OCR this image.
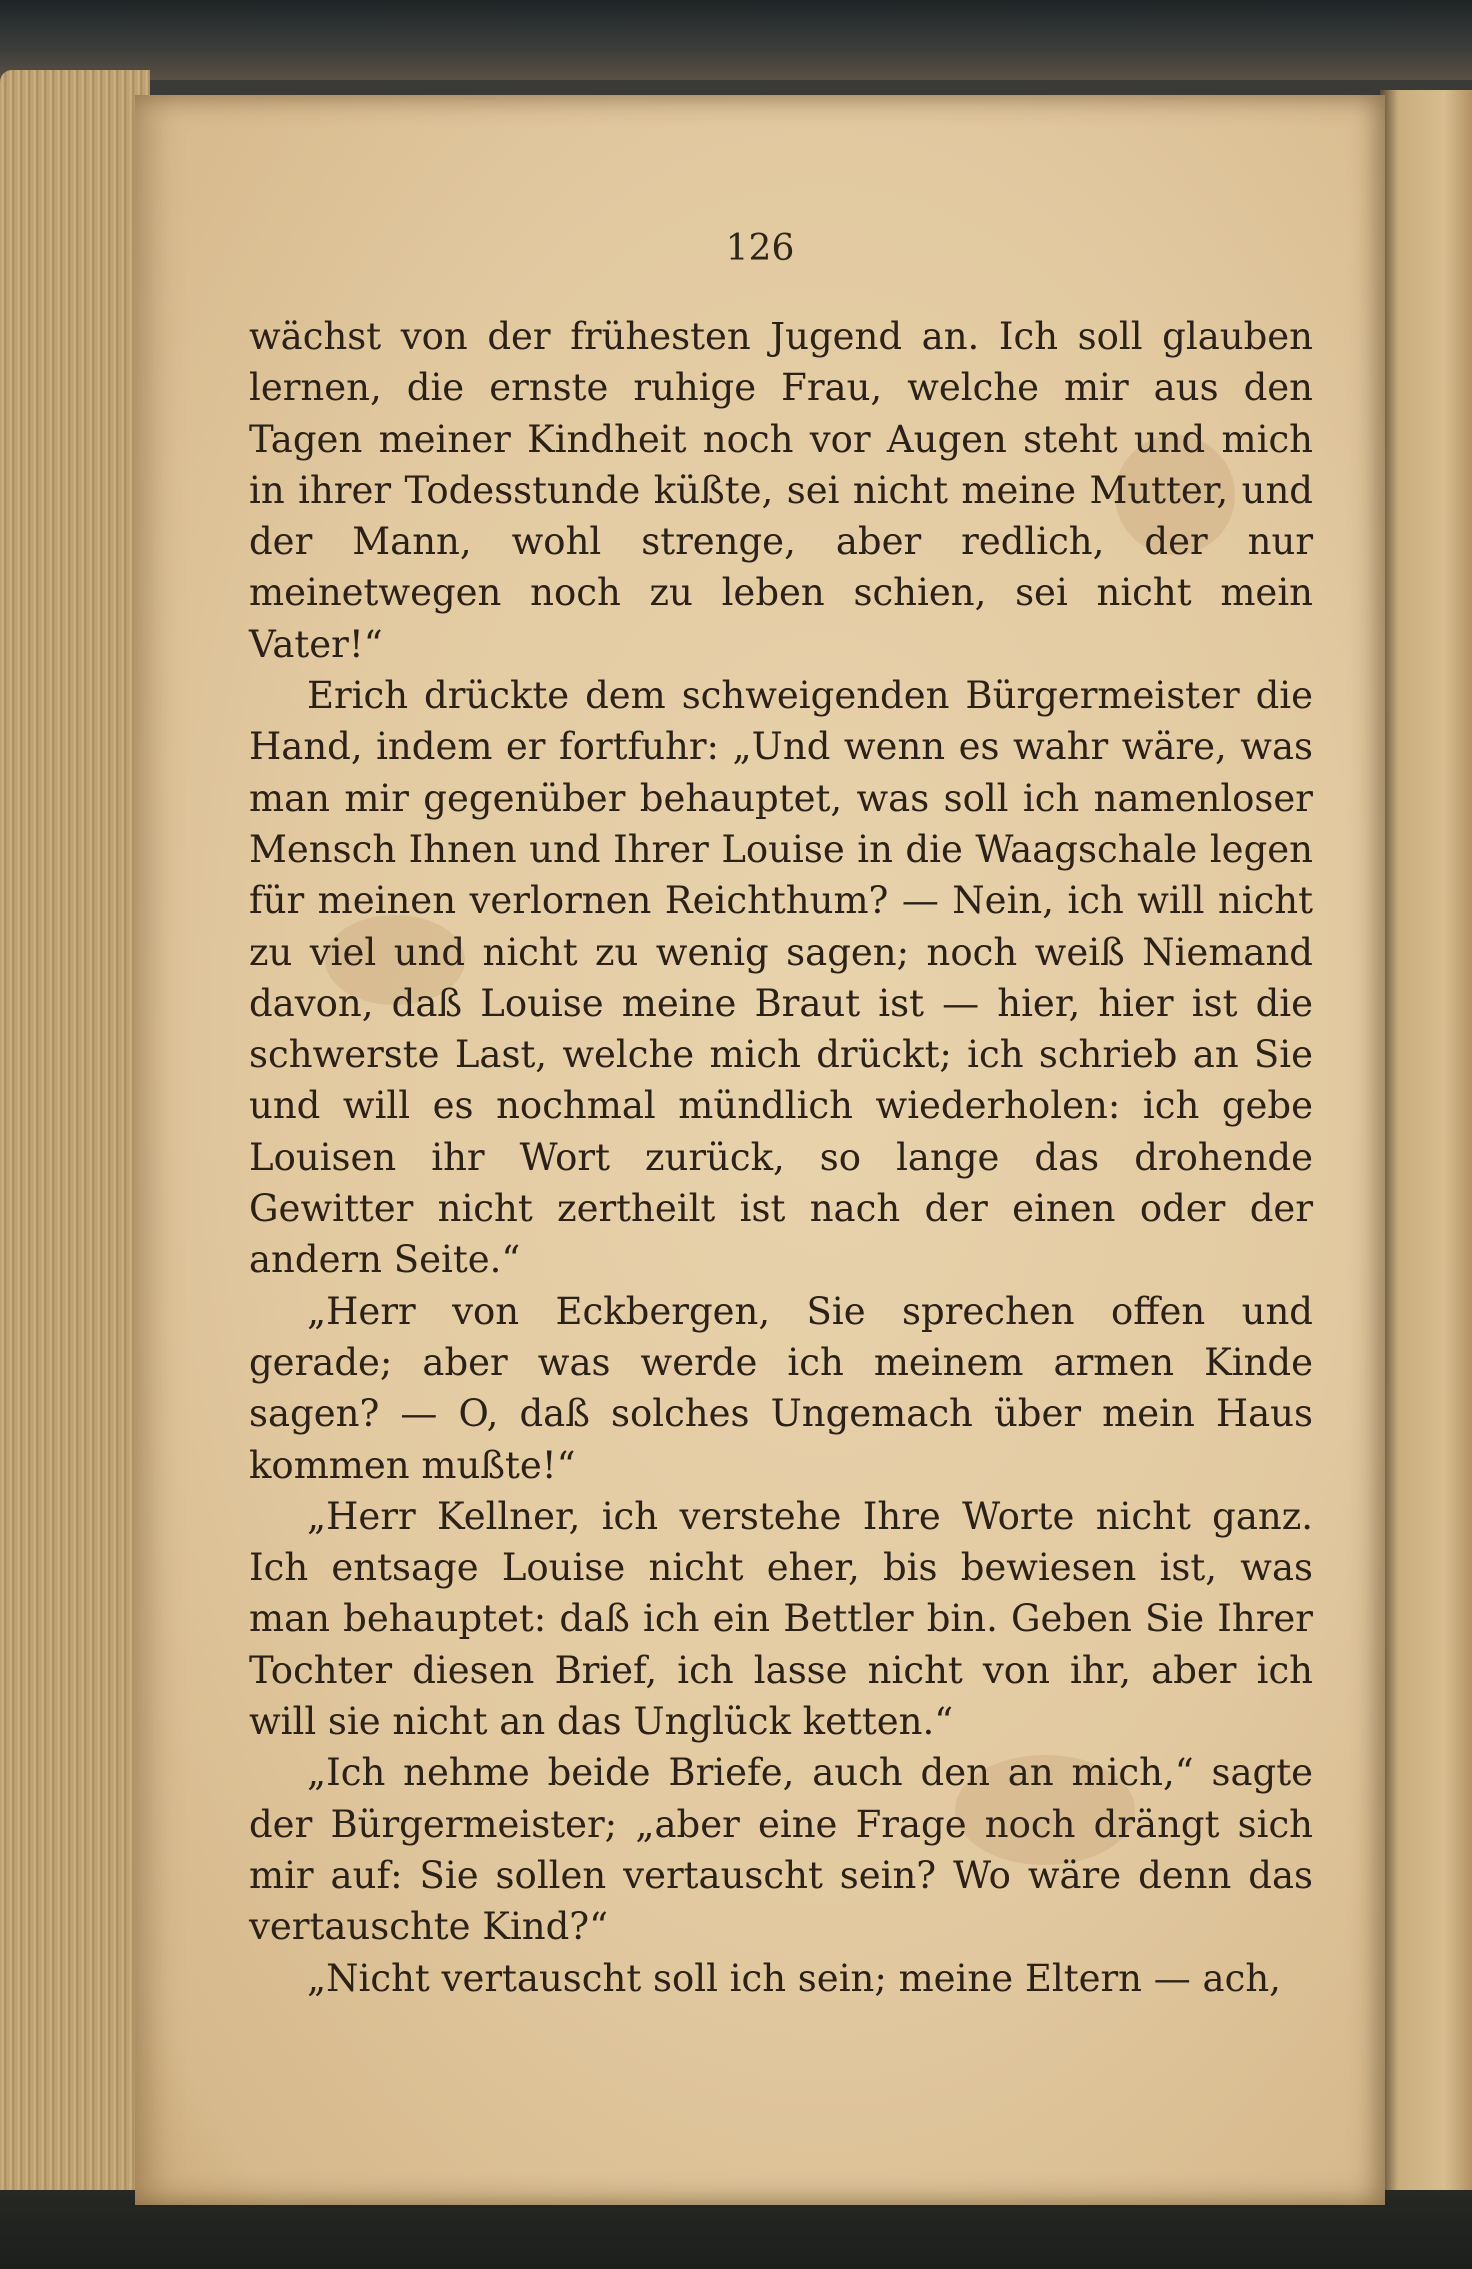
126

wächst von der frühesten Jugend an. Ich soll glauben lernen, die ernste ruhige Frau, welche mir aus den Tagen meiner Kindheit noch vor Augen steht und mich in ihrer Todesstunde küßte, sei nicht meine Mutter, und der Mann, wohl strenge, aber redlich, der nur meinetwegen noch zu leben schien, sei nicht mein Vater!“

Erich drückte dem schweigenden Bürgermeister die Hand, indem er fortfuhr: „Und wenn es wahr wäre, was man mir gegenüber behauptet, was soll ich namenloser Mensch Ihnen und Ihrer Louise in die Waagschale legen für meinen verlornen Reichthum? — Nein, ich will nicht zu viel und nicht zu wenig sagen; noch weiß Niemand davon, daß Louise meine Braut ist — hier, hier ist die schwerste Last, welche mich drückt; ich schrieb an Sie und will es nochmal mündlich wiederholen: ich gebe Louisen ihr Wort zurück, so lange das drohende Gewitter nicht zertheilt ist nach der einen oder der andern Seite.“

„Herr von Eckbergen, Sie sprechen offen und gerade; aber was werde ich meinem armen Kinde sagen? — O, daß solches Ungemach über mein Haus kommen mußte!“

„Herr Kellner, ich verstehe Ihre Worte nicht ganz. Ich entsage Louise nicht eher, bis bewiesen ist, was man behauptet: daß ich ein Bettler bin. Geben Sie Ihrer Tochter diesen Brief, ich lasse nicht von ihr, aber ich will sie nicht an das Unglück ketten.“

„Ich nehme beide Briefe, auch den an mich,“ sagte der Bürgermeister; „aber eine Frage noch drängt sich mir auf: Sie sollen vertauscht sein? Wo wäre denn das vertauschte Kind?“

„Nicht vertauscht soll ich sein; meine Eltern — ach,
